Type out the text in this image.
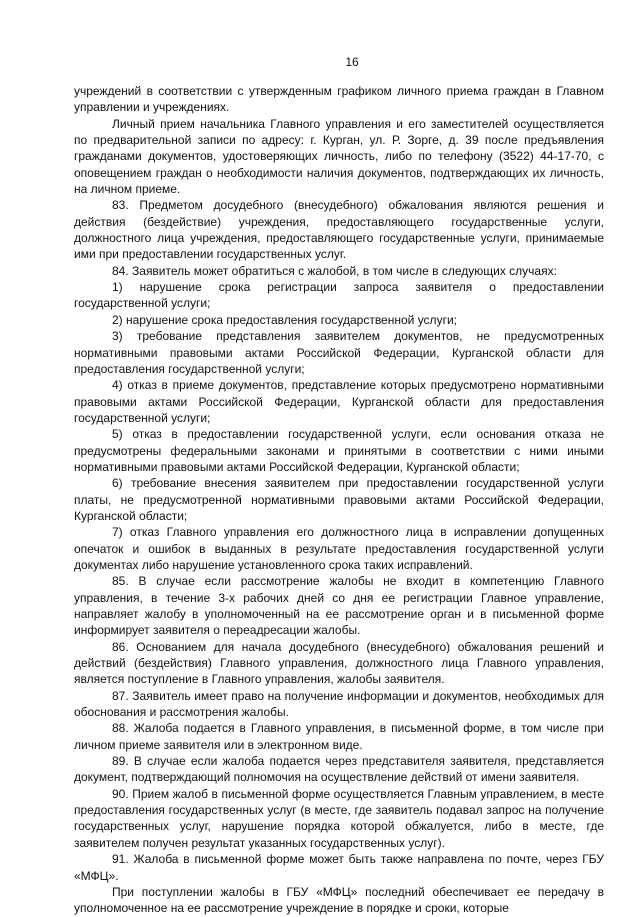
16

учреждений в соответствии с утвержденным графиком личного приема граждан в Главном управлении и учреждениях.

Личный прием начальника Главного управления и его заместителей осуществляется по предварительной записи по адресу: г. Курган, ул. Р. Зорге, д. 39 после предъявления гражданами документов, удостоверяющих личность, либо по телефону (3522) 44-17-70, с оповещением граждан о необходимости наличия документов, подтверждающих их личность, на личном приеме.

83. Предметом досудебного (внесудебного) обжалования являются решения и действия (бездействие) учреждения, предоставляющего государственные услуги, должностного лица учреждения, предоставляющего государственные услуги, принимаемые ими при предоставлении государственных услуг.

84. Заявитель может обратиться с жалобой, в том числе в следующих случаях:

1) нарушение срока регистрации запроса заявителя о предоставлении государственной услуги;

2) нарушение срока предоставления государственной услуги;

3) требование представления заявителем документов, не предусмотренных нормативными правовыми актами Российской Федерации, Курганской области для предоставления государственной услуги;

4) отказ в приеме документов, представление которых предусмотрено нормативными правовыми актами Российской Федерации, Курганской области для предоставления государственной услуги;

5) отказ в предоставлении государственной услуги, если основания отказа не предусмотрены федеральными законами и принятыми в соответствии с ними иными нормативными правовыми актами Российской Федерации, Курганской области;

6) требование внесения заявителем при предоставлении государственной услуги платы, не предусмотренной нормативными правовыми актами Российской Федерации, Курганской области;

7) отказ Главного управления его должностного лица в исправлении допущенных опечаток и ошибок в выданных в результате предоставления государственной услуги документах либо нарушение установленного срока таких исправлений.

85. В случае если рассмотрение жалобы не входит в компетенцию Главного управления, в течение 3-х рабочих дней со дня ее регистрации Главное управление, направляет жалобу в уполномоченный на ее рассмотрение орган и в письменной форме информирует заявителя о переадресации жалобы.

86. Основанием для начала досудебного (внесудебного) обжалования решений и действий (бездействия) Главного управления, должностного лица Главного управления, является поступление в Главного управления, жалобы заявителя.

87. Заявитель имеет право на получение информации и документов, необходимых для обоснования и рассмотрения жалобы.

88. Жалоба подается в Главного управления, в письменной форме, в том числе при личном приеме заявителя или в электронном виде.

89. В случае если жалоба подается через представителя заявителя, представляется документ, подтверждающий полномочия на осуществление действий от имени заявителя.

90. Прием жалоб в письменной форме осуществляется Главным управлением, в месте предоставления государственных услуг (в месте, где заявитель подавал запрос на получение государственных услуг, нарушение порядка которой обжалуется, либо в месте, где заявителем получен результат указанных государственных услуг).

91. Жалоба в письменной форме может быть также направлена по почте, через ГБУ «МФЦ».

При поступлении жалобы в ГБУ «МФЦ» последний обеспечивает ее передачу в уполномоченное на ее рассмотрение учреждение в порядке и сроки, которые
